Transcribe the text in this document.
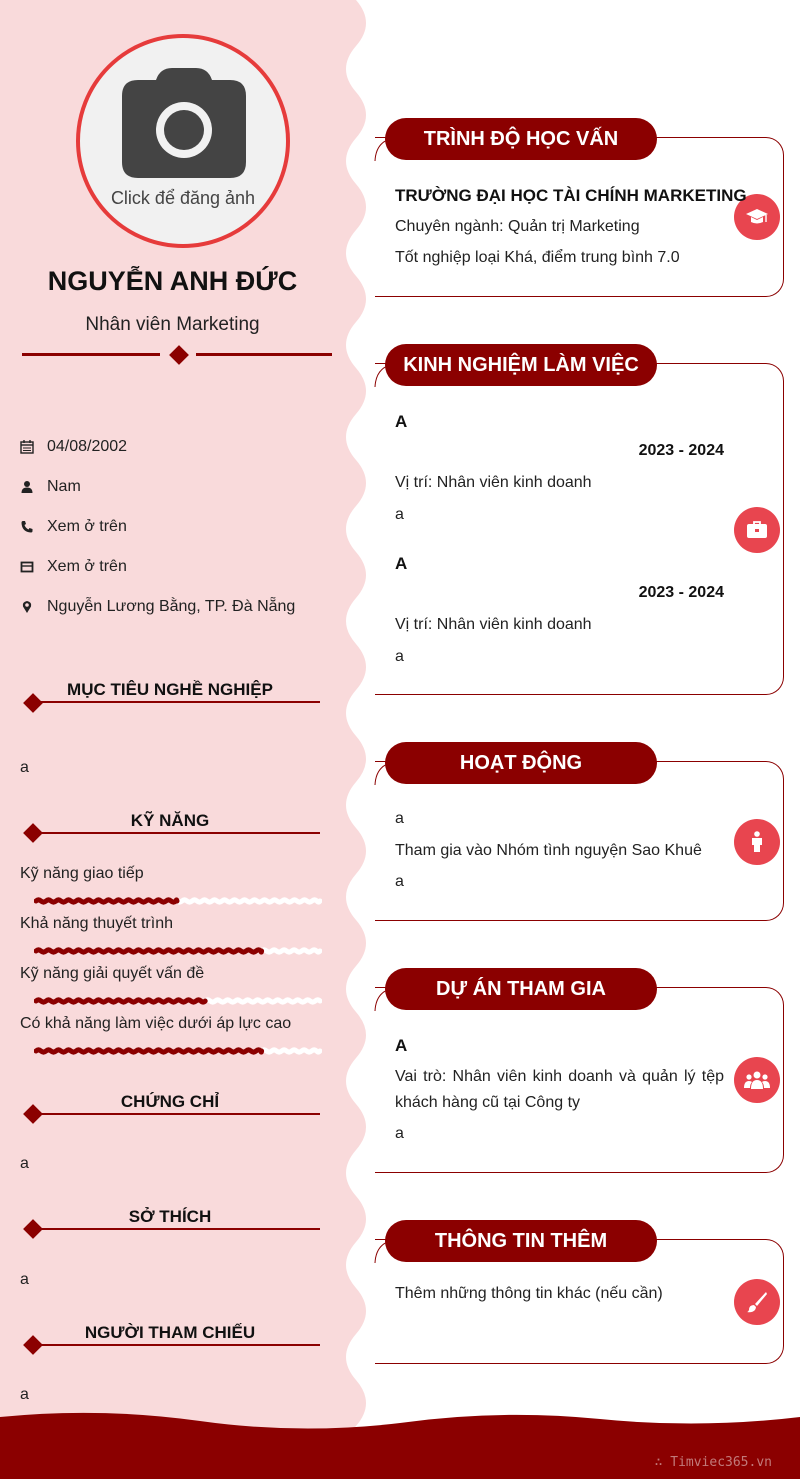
Click để đăng ảnh
NGUYỄN ANH ĐỨC
Nhân viên Marketing
04/08/2002
Nam
Xem ở trên
Xem ở trên
Nguyễn Lương Bằng, TP. Đà Nẵng
MỤC TIÊU NGHỀ NGHIỆP
a
KỸ NĂNG
Kỹ năng giao tiếp
Khả năng thuyết trình
Kỹ năng giải quyết vấn đề
Có khả năng làm việc dưới áp lực cao
CHỨNG CHỈ
a
SỞ THÍCH
a
NGƯỜI THAM CHIẾU
a
TRÌNH ĐỘ HỌC VẤN
TRƯỜNG ĐẠI HỌC TÀI CHÍNH MARKETING
Chuyên ngành: Quản trị Marketing
Tốt nghiệp loại Khá, điểm trung bình 7.0
KINH NGHIỆM LÀM VIỆC
A
2023 - 2024
Vị trí: Nhân viên kinh doanh
a
A
2023 - 2024
Vị trí: Nhân viên kinh doanh
a
HOẠT ĐỘNG
a
Tham gia vào Nhóm tình nguyện Sao Khuê
a
DỰ ÁN THAM GIA
A
Vai trò: Nhân viên kinh doanh và quản lý tệp khách hàng cũ tại Công ty
a
THÔNG TIN THÊM
Thêm những thông tin khác (nếu cần)
∴ Timviec365.vn
